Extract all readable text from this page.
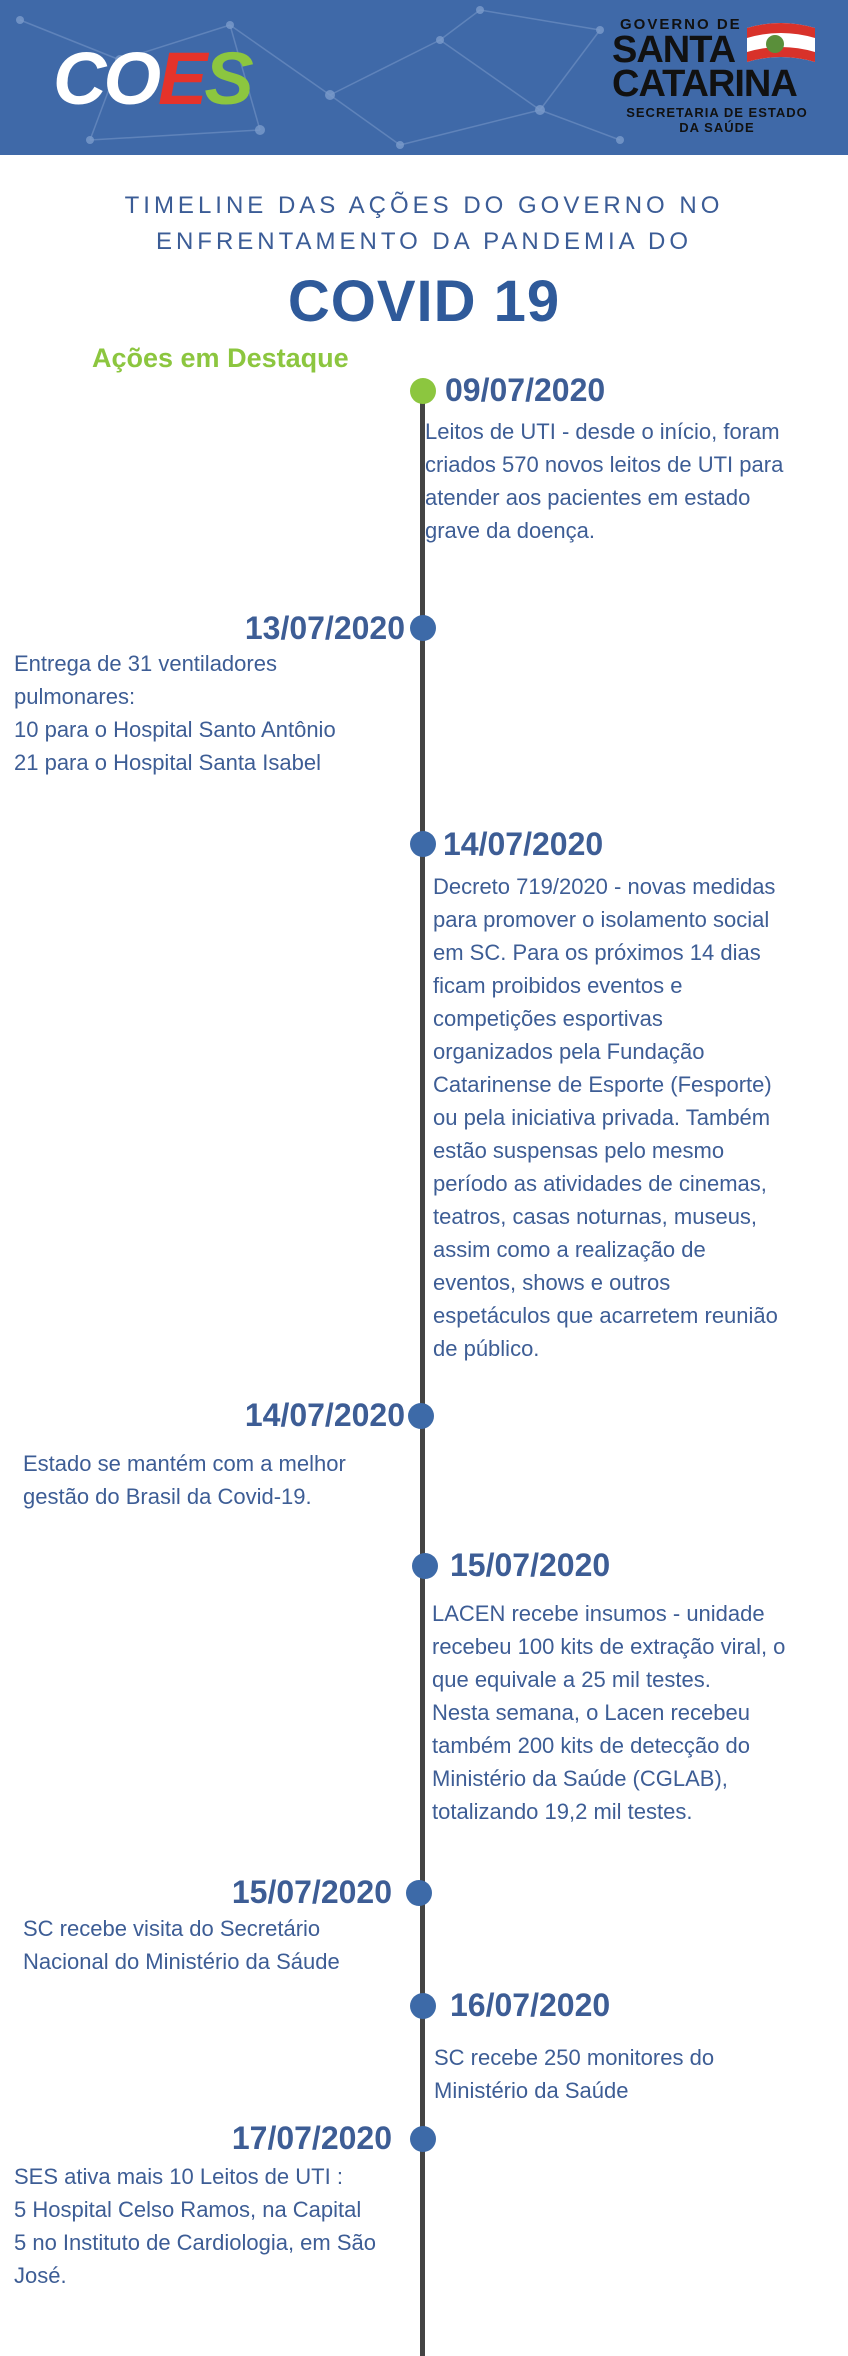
COES
GOVERNO DE
SANTA
CATARINA
SECRETARIA DE ESTADO
DA SAÚDE
TIMELINE DAS AÇÕES DO GOVERNO NO
ENFRENTAMENTO DA PANDEMIA DO
COVID 19
Ações em Destaque
09/07/2020
Leitos de UTI - desde o início, foram
criados 570 novos leitos de UTI para
atender aos pacientes em estado
grave da doença.
13/07/2020
Entrega de 31 ventiladores
pulmonares:
10 para o Hospital Santo Antônio
21 para o Hospital Santa Isabel
14/07/2020
Decreto 719/2020 - novas medidas
para promover o isolamento social
em SC. Para os próximos 14 dias
ficam proibidos eventos e
competições esportivas
organizados pela Fundação
Catarinense de Esporte (Fesporte)
ou pela iniciativa privada. Também
estão suspensas pelo mesmo
período as atividades de cinemas,
teatros, casas noturnas, museus,
assim como a realização de
eventos, shows e outros
espetáculos que acarretem reunião
de público.
14/07/2020
Estado se mantém com a melhor
gestão do Brasil da Covid-19.
15/07/2020
LACEN recebe insumos - unidade
recebeu 100 kits de extração viral, o
que equivale a 25 mil testes.
Nesta semana, o Lacen recebeu
também 200 kits de detecção do
Ministério da Saúde (CGLAB),
totalizando 19,2 mil testes.
15/07/2020
SC recebe visita do Secretário
Nacional do Ministério da Sáude
16/07/2020
SC recebe 250 monitores do
Ministério da Saúde
17/07/2020
SES ativa mais 10 Leitos de UTI :
5 Hospital Celso Ramos, na Capital
5 no Instituto de Cardiologia, em São
José.
